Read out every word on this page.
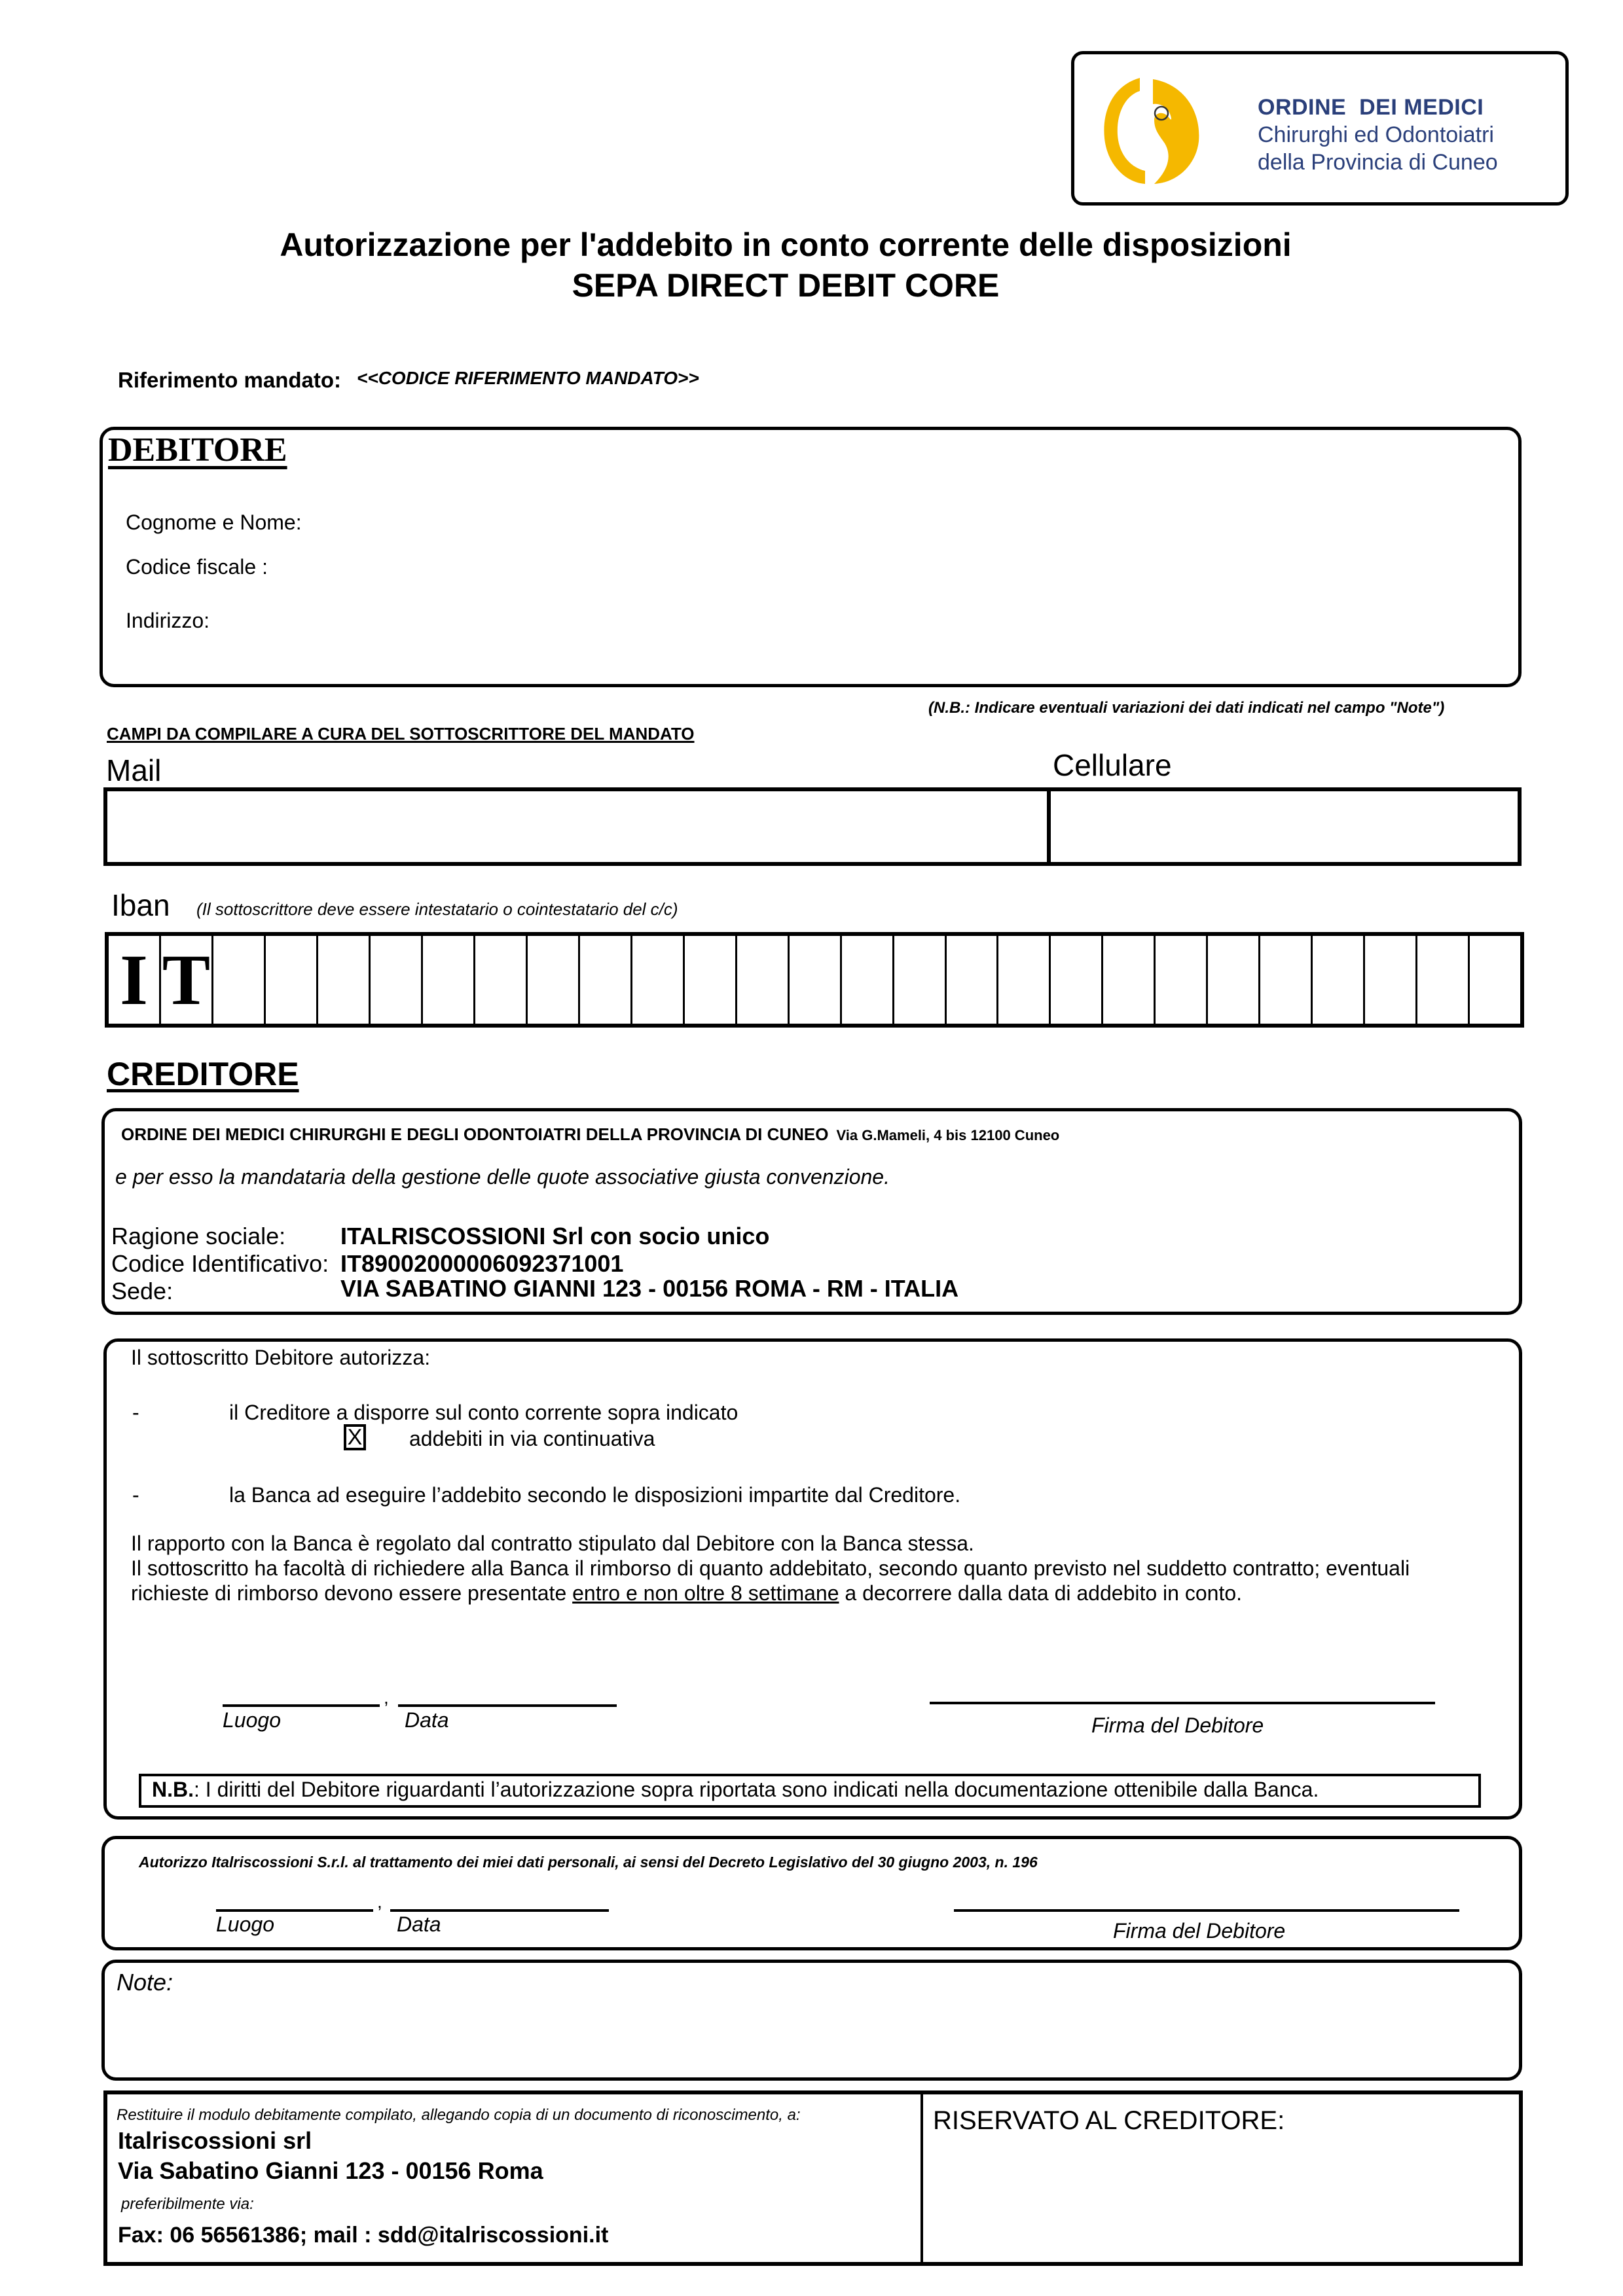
ORDINE  DEI MEDICI
Chirurghi ed Odontoiatri
della Provincia di Cuneo
Autorizzazione per l'addebito in conto corrente delle disposizioni
SEPA DIRECT DEBIT CORE
Riferimento mandato: <<CODICE RIFERIMENTO MANDATO>>
DEBITORE
Cognome e Nome:
Codice fiscale :
Indirizzo:
(N.B.: Indicare eventuali variazioni dei dati indicati nel campo "Note")
CAMPI DA COMPILARE A CURA DEL SOTTOSCRITTORE DEL MANDATO
Mail	Cellulare
Iban (Il sottoscrittore deve essere intestatario o cointestatario del c/c)
I T
CREDITORE
ORDINE DEI MEDICI CHIRURGHI E DEGLI ODONTOIATRI DELLA PROVINCIA DI CUNEO Via G.Mameli, 4 bis 12100 Cuneo
e per esso la mandataria della gestione delle quote associative giusta convenzione.
Ragione sociale: ITALRISCOSSIONI Srl con socio unico
Codice Identificativo: IT89002000006092371001
Sede:	VIA SABATINO GIANNI 123 - 00156 ROMA - RM - ITALIA
Il sottoscritto Debitore autorizza:
-	il Creditore a disporre sul conto corrente sopra indicato
X addebiti in via continuativa
-	la Banca ad eseguire l’addebito secondo le disposizioni impartite dal Creditore.
Il rapporto con la Banca è regolato dal contratto stipulato dal Debitore con la Banca stessa.
Il sottoscritto ha facoltà di richiedere alla Banca il rimborso di quanto addebitato, secondo quanto previsto nel suddetto contratto; eventuali
richieste di rimborso devono essere presentate entro e non oltre 8 settimane a decorrere dalla data di addebito in conto.
,
Luogo	Data	Firma del Debitore
N.B.: I diritti del Debitore riguardanti l’autorizzazione sopra riportata sono indicati nella documentazione ottenibile dalla Banca.
Autorizzo Italriscossioni S.r.l. al trattamento dei miei dati personali, ai sensi del Decreto Legislativo del 30 giugno 2003, n. 196
,
Luogo	Data	Firma del Debitore
Note:
Restituire il modulo debitamente compilato, allegando copia di un documento di riconoscimento, a:
Italriscossioni srl
Via Sabatino Gianni 123 - 00156 Roma
preferibilmente via:
Fax: 06 56561386; mail : sdd@italriscossioni.it
RISERVATO AL CREDITORE:
